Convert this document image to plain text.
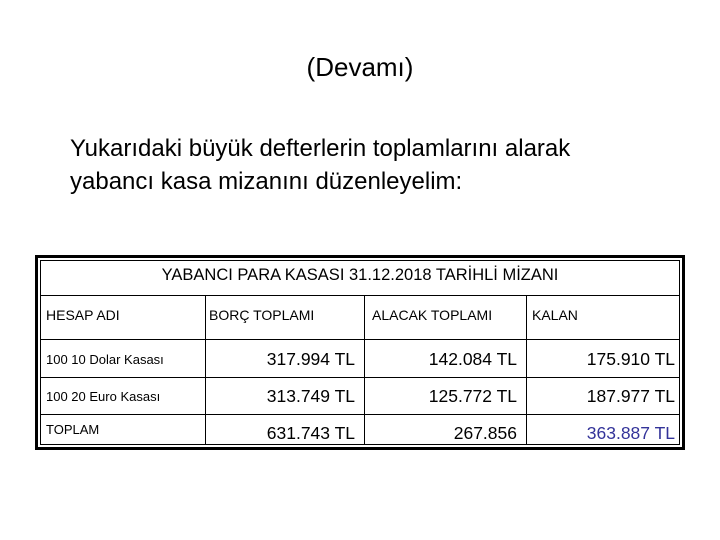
(Devamı)
Yukarıdaki büyük defterlerin toplamlarını alarak
yabancı kasa mizanını düzenleyelim:
YABANCI PARA KASASI 31.12.2018 TARİHLİ MİZANI
HESAP ADI	BORÇ TOPLAMI	ALACAK TOPLAMI	KALAN
100 10 Dolar Kasası	317.994 TL	142.084 TL	175.910 TL
100 20 Euro Kasası	313.749 TL	125.772 TL	187.977 TL
TOPLAM	631.743 TL	267.856	363.887 TL
